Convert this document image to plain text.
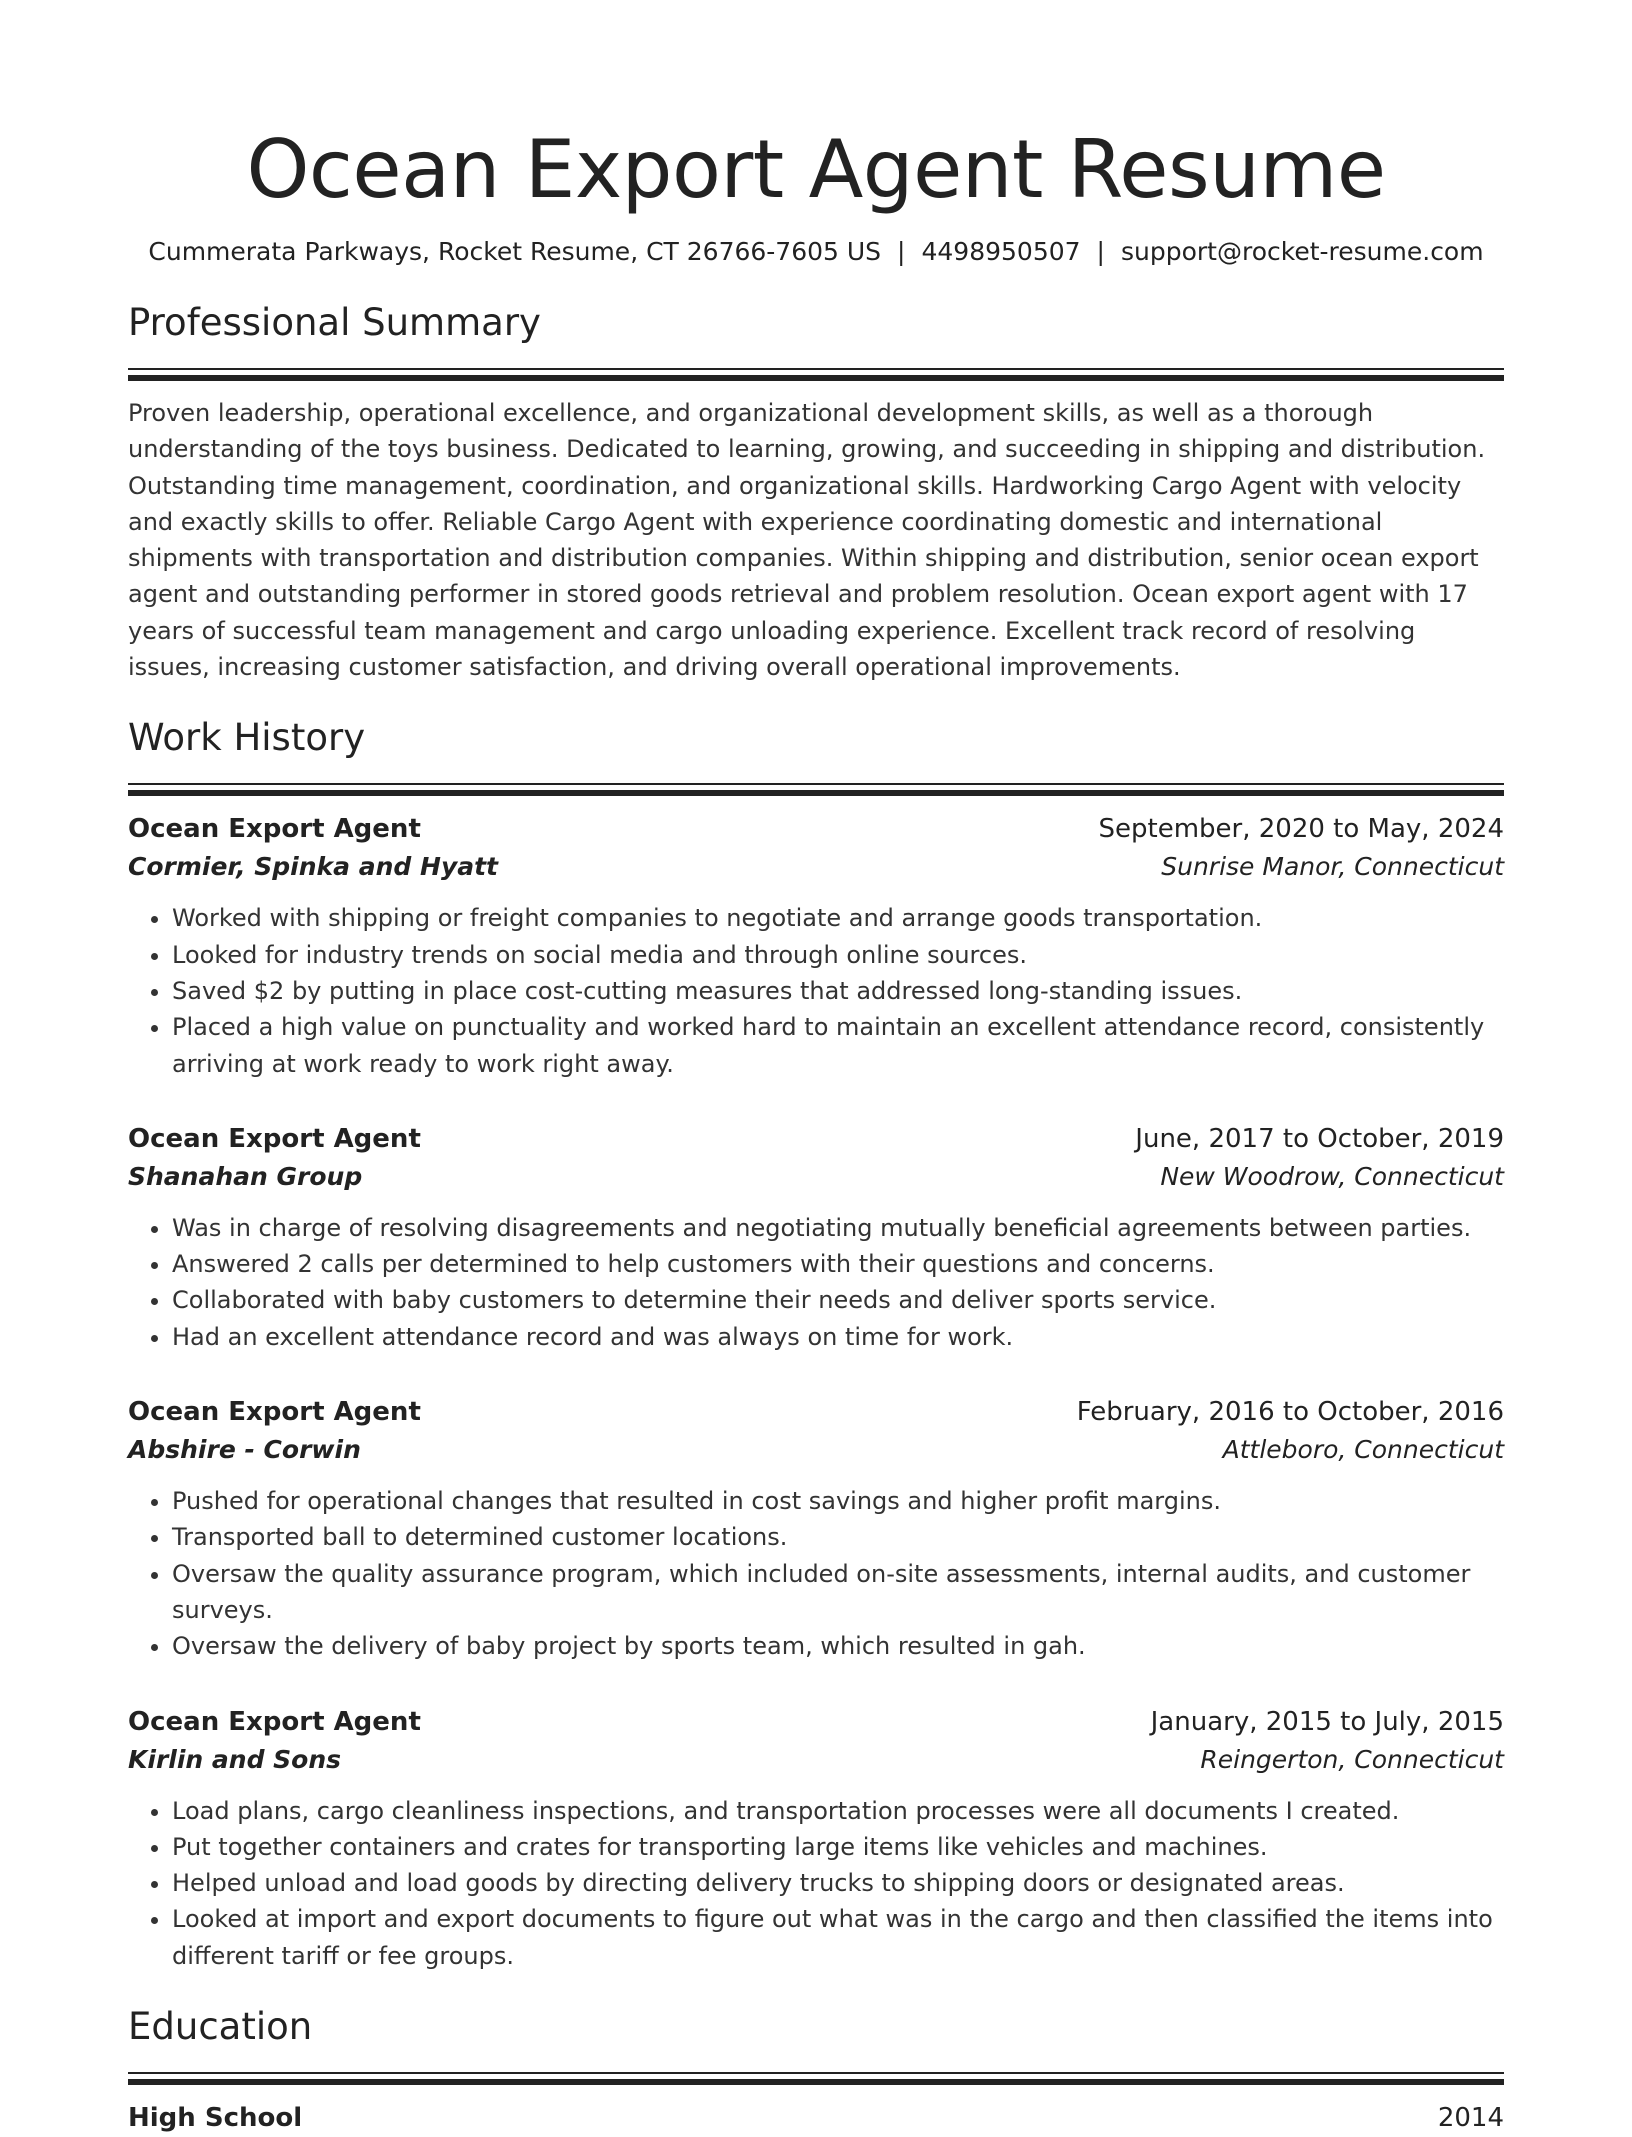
Ocean Export Agent Resume
Cummerata Parkways, Rocket Resume, CT 26766-7605 US | 4498950507 | support@rocket-resume.com
Professional Summary
Proven leadership, operational excellence, and organizational development skills, as well as a thorough understanding of the toys business. Dedicated to learning, growing, and succeeding in shipping and distribution. Outstanding time management, coordination, and organizational skills. Hardworking Cargo Agent with velocity and exactly skills to offer. Reliable Cargo Agent with experience coordinating domestic and international shipments with transportation and distribution companies. Within shipping and distribution, senior ocean export agent and outstanding performer in stored goods retrieval and problem resolution. Ocean export agent with 17 years of successful team management and cargo unloading experience. Excellent track record of resolving issues, increasing customer satisfaction, and driving overall operational improvements.
Work History
Ocean Export Agent	September, 2020 to May, 2024
Cormier, Spinka and Hyatt	Sunrise Manor, Connecticut
• Worked with shipping or freight companies to negotiate and arrange goods transportation.
• Looked for industry trends on social media and through online sources.
• Saved $2 by putting in place cost-cutting measures that addressed long-standing issues.
• Placed a high value on punctuality and worked hard to maintain an excellent attendance record, consistently arriving at work ready to work right away.
Ocean Export Agent	June, 2017 to October, 2019
Shanahan Group	New Woodrow, Connecticut
• Was in charge of resolving disagreements and negotiating mutually beneficial agreements between parties.
• Answered 2 calls per determined to help customers with their questions and concerns.
• Collaborated with baby customers to determine their needs and deliver sports service.
• Had an excellent attendance record and was always on time for work.
Ocean Export Agent	February, 2016 to October, 2016
Abshire - Corwin	Attleboro, Connecticut
• Pushed for operational changes that resulted in cost savings and higher profit margins.
• Transported ball to determined customer locations.
• Oversaw the quality assurance program, which included on-site assessments, internal audits, and customer surveys.
• Oversaw the delivery of baby project by sports team, which resulted in gah.
Ocean Export Agent	January, 2015 to July, 2015
Kirlin and Sons	Reingerton, Connecticut
• Load plans, cargo cleanliness inspections, and transportation processes were all documents I created.
• Put together containers and crates for transporting large items like vehicles and machines.
• Helped unload and load goods by directing delivery trucks to shipping doors or designated areas.
• Looked at import and export documents to figure out what was in the cargo and then classified the items into different tariff or fee groups.
Education
High School	2014
